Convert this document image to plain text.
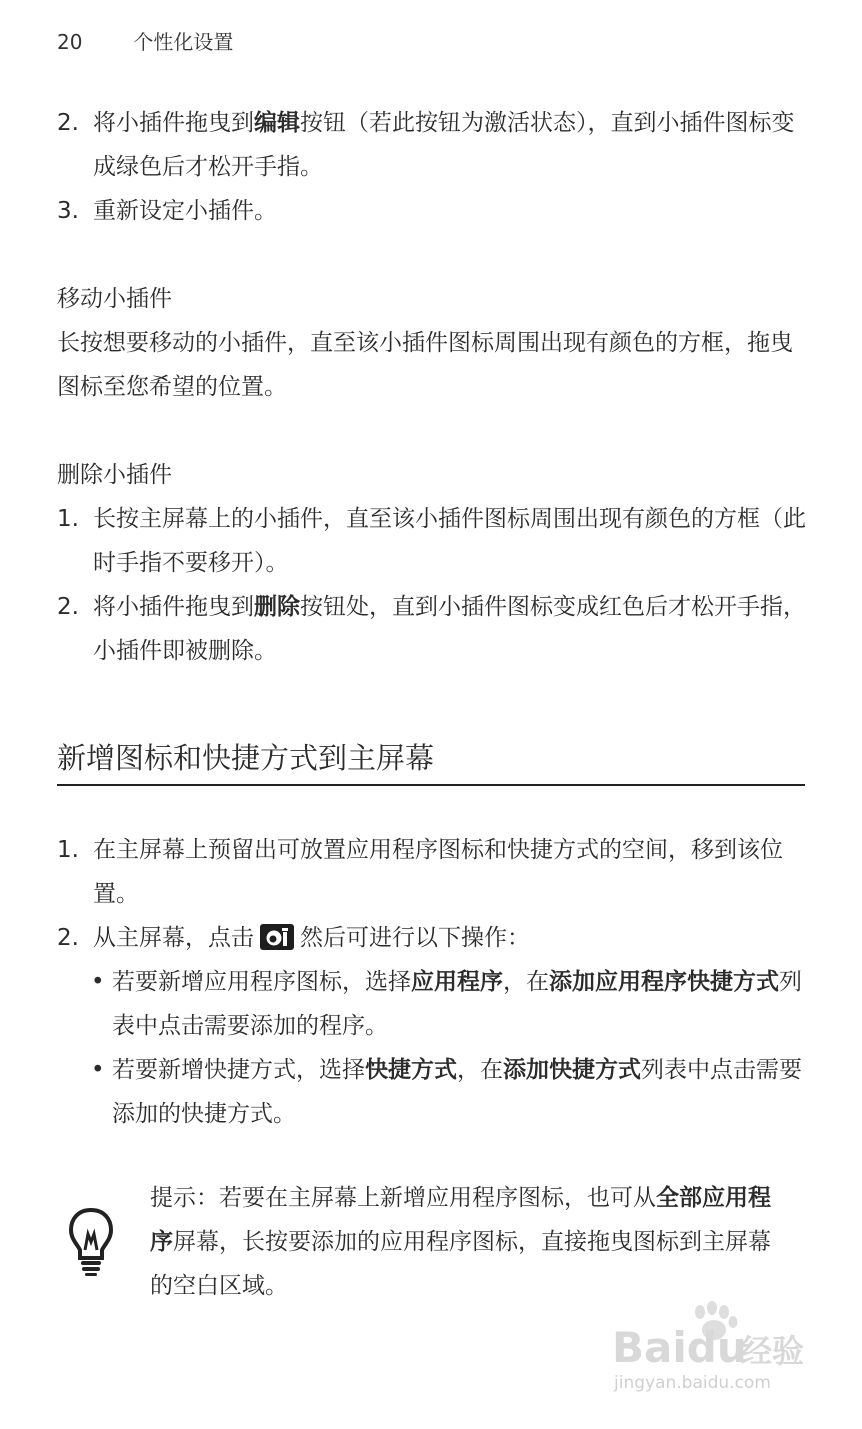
20	个性化设置

2. 将小插件拖曳到编辑按钮（若此按钮为激活状态），直到小插件图标变成绿色后才松开手指。

3. 重新设定小插件。

移动小插件

长按想要移动的小插件，直至该小插件图标周围出现有颜色的方框，拖曳图标至您希望的位置。

删除小插件

1. 长按主屏幕上的小插件，直至该小插件图标周围出现有颜色的方框（此时手指不要移开）。

2. 将小插件拖曳到删除按钮处，直到小插件图标变成红色后才松开手指，小插件即被删除。

新增图标和快捷方式到主屏幕

1. 在主屏幕上预留出可放置应用程序图标和快捷方式的空间，移到该位置。

2. 从主屏幕，点击 然后可进行以下操作：

• 若要新增应用程序图标，选择应用程序，在添加应用程序快捷方式列表中点击需要添加的程序。

• 若要新增快捷方式，选择快捷方式，在添加快捷方式列表中点击需要添加的快捷方式。

提示：若要在主屏幕上新增应用程序图标，也可从全部应用程序屏幕，长按要添加的应用程序图标，直接拖曳图标到主屏幕的空白区域。

Baidu
经验
jingyan.baidu.com
